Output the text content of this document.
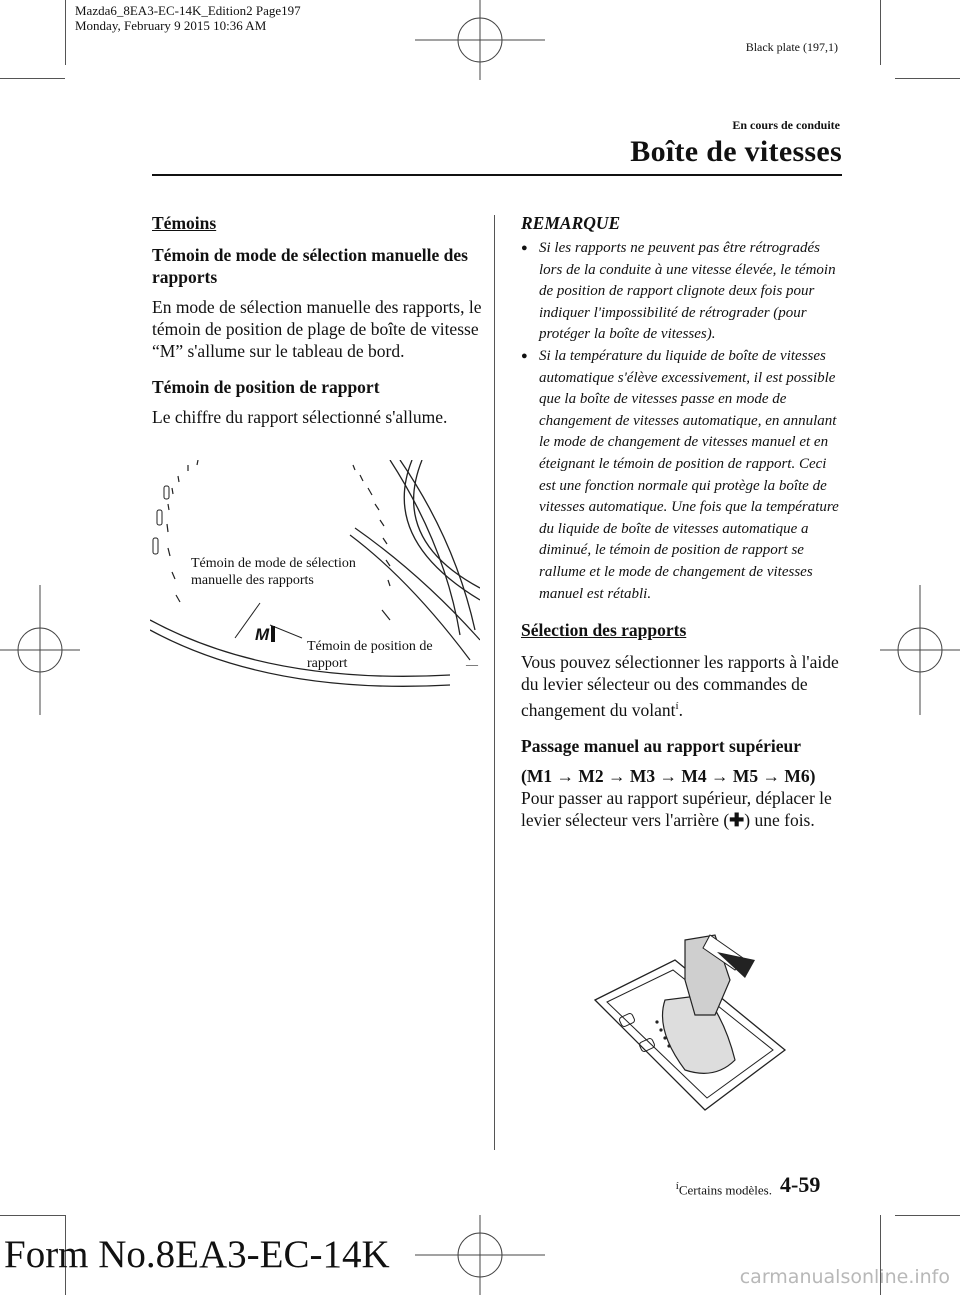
Mazda6_8EA3-EC-14K_Edition2 Page197
Monday, February 9 2015 10:36 AM
Black plate (197,1)
En cours de conduite
Boîte de vitesses
Témoins
Témoin de mode de sélection manuelle des rapports
En mode de sélection manuelle des rapports, le témoin de position de plage de boîte de vitesse “M” s'allume sur le tableau de bord.
Témoin de position de rapport
Le chiffre du rapport sélectionné s'allume.
—
Témoin de mode de sélection
manuelle des rapports
Témoin de position de
rapport
M
REMARQUE
● Si les rapports ne peuvent pas être rétrogradés lors de la conduite à une vitesse élevée, le témoin de position de rapport clignote deux fois pour indiquer l'impossibilité de rétrograder (pour protéger la boîte de vitesses).
● Si la température du liquide de boîte de vitesses automatique s'élève excessivement, il est possible que la boîte de vitesses passe en mode de changement de vitesses automatique, en annulant le mode de changement de vitesses manuel et en éteignant le témoin de position de rapport. Ceci est une fonction normale qui protège la boîte de vitesses automatique. Une fois que la température du liquide de boîte de vitesses automatique a diminué, le témoin de position de rapport se rallume et le mode de changement de vitesses manuel est rétabli.
Sélection des rapports
Vous pouvez sélectionner les rapports à l'aide du levier sélecteur ou des commandes de changement du volant$^í$.
Passage manuel au rapport supérieur
(M1 → M2 → M3 → M4 → M5 → M6)
Pour passer au rapport supérieur, déplacer le levier sélecteur vers l'arrière (✚) une fois.
$^í$Certains modèles. 4-59
Form No.8EA3-EC-14K
carmanualsonline.info
